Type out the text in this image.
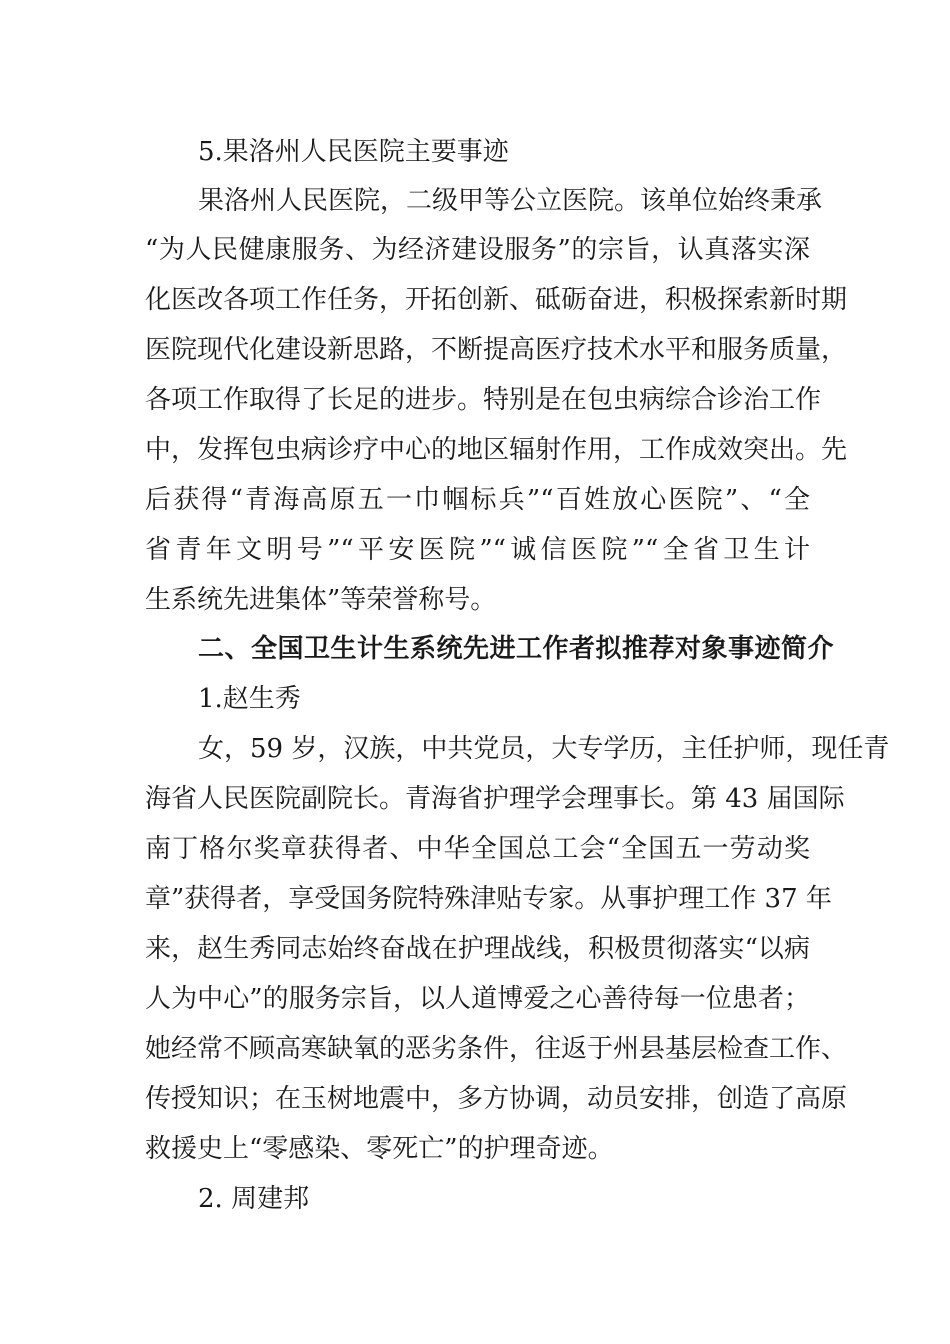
5.果洛州人民医院主要事迹
果洛州人民医院，二级甲等公立医院。该单位始终秉承
“为人民健康服务、为经济建设服务”的宗旨，认真落实深
化医改各项工作任务，开拓创新、砥砺奋进，积极探索新时期
医院现代化建设新思路，不断提高医疗技术水平和服务质量，
各项工作取得了长足的进步。特别是在包虫病综合诊治工作
中，发挥包虫病诊疗中心的地区辐射作用，工作成效突出。先
后获得“青海高原五一巾帼标兵”“百姓放心医院”、“全
省青年文明号”“平安医院”“诚信医院”“全省卫生计
生系统先进集体”等荣誉称号。
二、全国卫生计生系统先进工作者拟推荐对象事迹简介
1.赵生秀
女，59 岁，汉族，中共党员，大专学历，主任护师，现任青
海省人民医院副院长。青海省护理学会理事长。第 43 届国际
南丁格尔奖章获得者、中华全国总工会“全国五一劳动奖
章”获得者，享受国务院特殊津贴专家。从事护理工作 37 年
来，赵生秀同志始终奋战在护理战线，积极贯彻落实“以病
人为中心”的服务宗旨，以人道博爱之心善待每一位患者；
她经常不顾高寒缺氧的恶劣条件，往返于州县基层检查工作、
传授知识；在玉树地震中，多方协调，动员安排，创造了高原
救援史上“零感染、零死亡”的护理奇迹。
2. 周建邦
